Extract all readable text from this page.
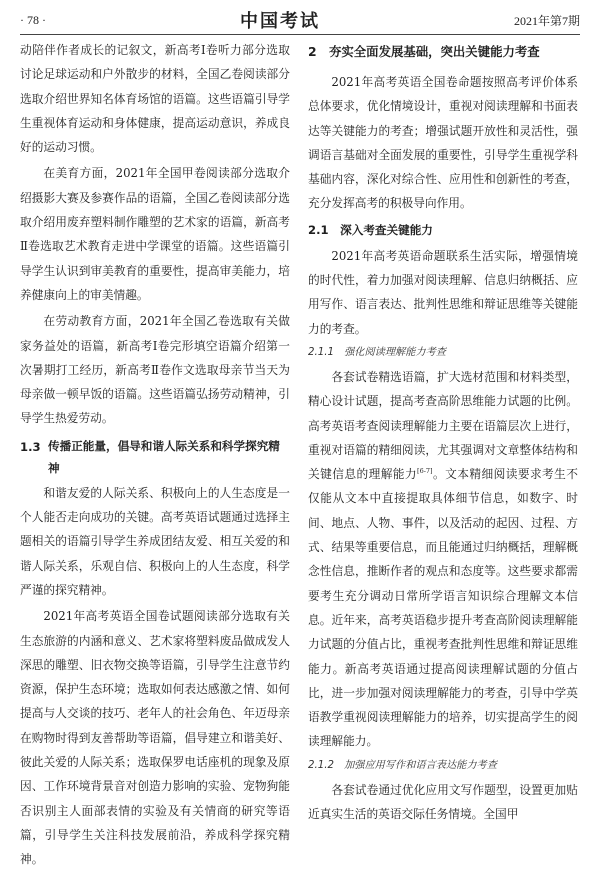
· 78 ·	中国考试	2021年第7期

动陪伴作者成长的记叙文，新高考Ⅰ卷听力部分选取讨论足球运动和户外散步的材料，全国乙卷阅读部分选取介绍世界知名体育场馆的语篇。这些语篇引导学生重视体育运动和身体健康，提高运动意识，养成良好的运动习惯。

在美育方面，2021年全国甲卷阅读部分选取介绍摄影大赛及参赛作品的语篇，全国乙卷阅读部分选取介绍用废弃塑料制作雕塑的艺术家的语篇，新高考Ⅱ卷选取艺术教育走进中学课堂的语篇。这些语篇引导学生认识到审美教育的重要性，提高审美能力，培养健康向上的审美情趣。

在劳动教育方面，2021年全国乙卷选取有关做家务益处的语篇，新高考Ⅰ卷完形填空语篇介绍第一次暑期打工经历，新高考Ⅱ卷作文选取母亲节当天为母亲做一顿早饭的语篇。这些语篇弘扬劳动精神，引导学生热爱劳动。

1.3 传播正能量，倡导和谐人际关系和科学探究精神

和谐友爱的人际关系、积极向上的人生态度是一个人能否走向成功的关键。高考英语试题通过选择主题相关的语篇引导学生养成团结友爱、相互关爱的和谐人际关系，乐观自信、积极向上的人生态度，科学严谨的探究精神。

2021年高考英语全国卷试题阅读部分选取有关生态旅游的内涵和意义、艺术家将塑料废品做成发人深思的雕塑、旧衣物交换等语篇，引导学生注意节约资源，保护生态环境；选取如何表达感激之情、如何提高与人交谈的技巧、老年人的社会角色、年迈母亲在购物时得到友善帮助等语篇，倡导建立和谐美好、彼此关爱的人际关系；选取保罗电话座机的现象及原因、工作环境背景音对创造力影响的实验、宠物狗能否识别主人面部表情的实验及有关情商的研究等语篇，引导学生关注科技发展前沿，养成科学探究精神。

2　夯实全面发展基础，突出关键能力考查

2021年高考英语全国卷命题按照高考评价体系总体要求，优化情境设计，重视对阅读理解和书面表达等关键能力的考查；增强试题开放性和灵活性，强调语言基础对全面发展的重要性，引导学生重视学科基础内容，深化对综合性、应用性和创新性的考查，充分发挥高考的积极导向作用。

2.1　深入考查关键能力

2021年高考英语命题联系生活实际，增强情境的时代性，着力加强对阅读理解、信息归纳概括、应用写作、语言表达、批判性思维和辩证思维等关键能力的考查。

2.1.1　强化阅读理解能力考查

各套试卷精选语篇，扩大选材范围和材料类型，精心设计试题，提高考查高阶思维能力试题的比例。高考英语考查阅读理解能力主要在语篇层次上进行，重视对语篇的精细阅读，尤其强调对文章整体结构和关键信息的理解能力[6-7]。文本精细阅读要求考生不仅能从文本中直接提取具体细节信息，如数字、时间、地点、人物、事件，以及活动的起因、过程、方式、结果等重要信息，而且能通过归纳概括，理解概念性信息，推断作者的观点和态度等。这些要求都需要考生充分调动日常所学语言知识综合理解文本信息。近年来，高考英语稳步提升考查高阶阅读理解能力试题的分值占比，重视考查批判性思维和辩证思维能力。新高考英语通过提高阅读理解试题的分值占比，进一步加强对阅读理解能力的考查，引导中学英语教学重视阅读理解能力的培养，切实提高学生的阅读理解能力。

2.1.2　加强应用写作和语言表达能力考查

各套试卷通过优化应用文写作题型，设置更加贴近真实生活的英语交际任务情境。全国甲
